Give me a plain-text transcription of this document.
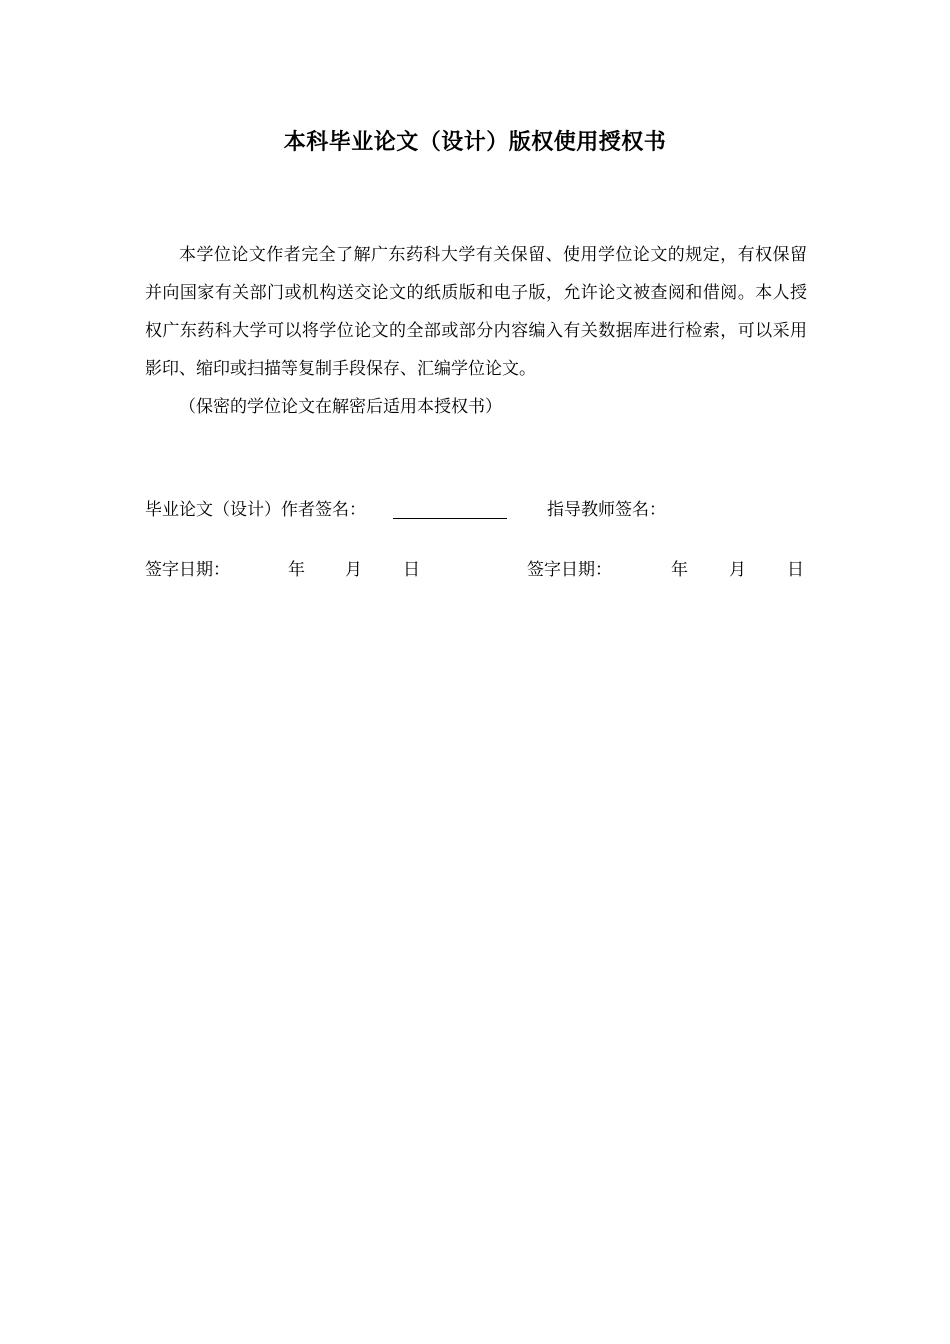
本科毕业论文（设计）版权使用授权书

本学位论文作者完全了解广东药科大学有关保留、使用学位论文的规定，有权保留并向国家有关部门或机构送交论文的纸质版和电子版，允许论文被查阅和借阅。本人授权广东药科大学可以将学位论文的全部或部分内容编入有关数据库进行检索，可以采用影印、缩印或扫描等复制手段保存、汇编学位论文。

（保密的学位论文在解密后适用本授权书）

毕业论文（设计）作者签名：	指导教师签名：
签字日期：	年 月 日	签字日期：	年 月 日
